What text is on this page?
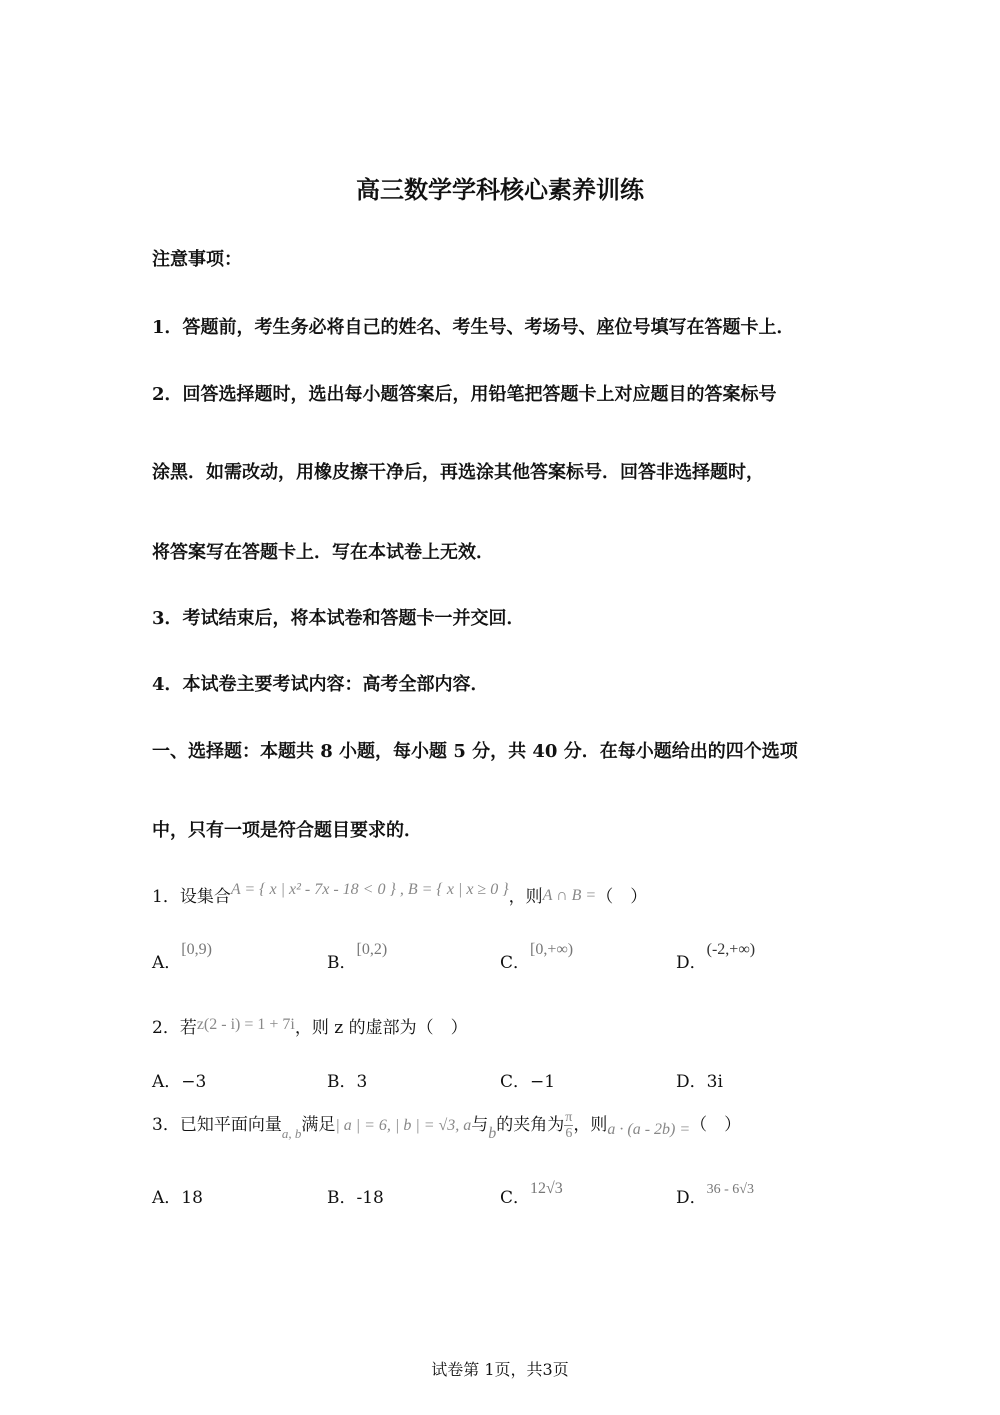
高三数学学科核心素养训练
注意事项：
1．答题前，考生务必将自己的姓名、考生号、考场号、座位号填写在答题卡上．
2．回答选择题时，选出每小题答案后，用铅笔把答题卡上对应题目的答案标号
涂黑．如需改动，用橡皮擦干净后，再选涂其他答案标号．回答非选择题时，
将答案写在答题卡上．写在本试卷上无效．
3．考试结束后，将本试卷和答题卡一并交回．
4．本试卷主要考试内容：高考全部内容．
一、选择题：本题共 8 小题，每小题 5 分，共 40 分．在每小题给出的四个选项
中，只有一项是符合题目要求的．
1．设集合A = { x | x² - 7x - 18 < 0 } , B = { x | x ≥ 0 }，则A ∩ B =（　）
A．[0,9)
B．[0,2)
C．[0,+∞)
D．(-2,+∞)
2．若z(2 - i) = 1 + 7i，则 z 的虚部为（　）
A．−3	B．3	C．−1	D．3i
3．已知平面向量$_{a, b}$满足| a | = 6, | b | = √3, a与b的夹角为 $\frac{\pi}{6}$ ，则a · (a - 2b) =（　）
A．18	B．-18	C．12√3	D．$^{36 - 6√3}$
试卷第 1页，共3页
